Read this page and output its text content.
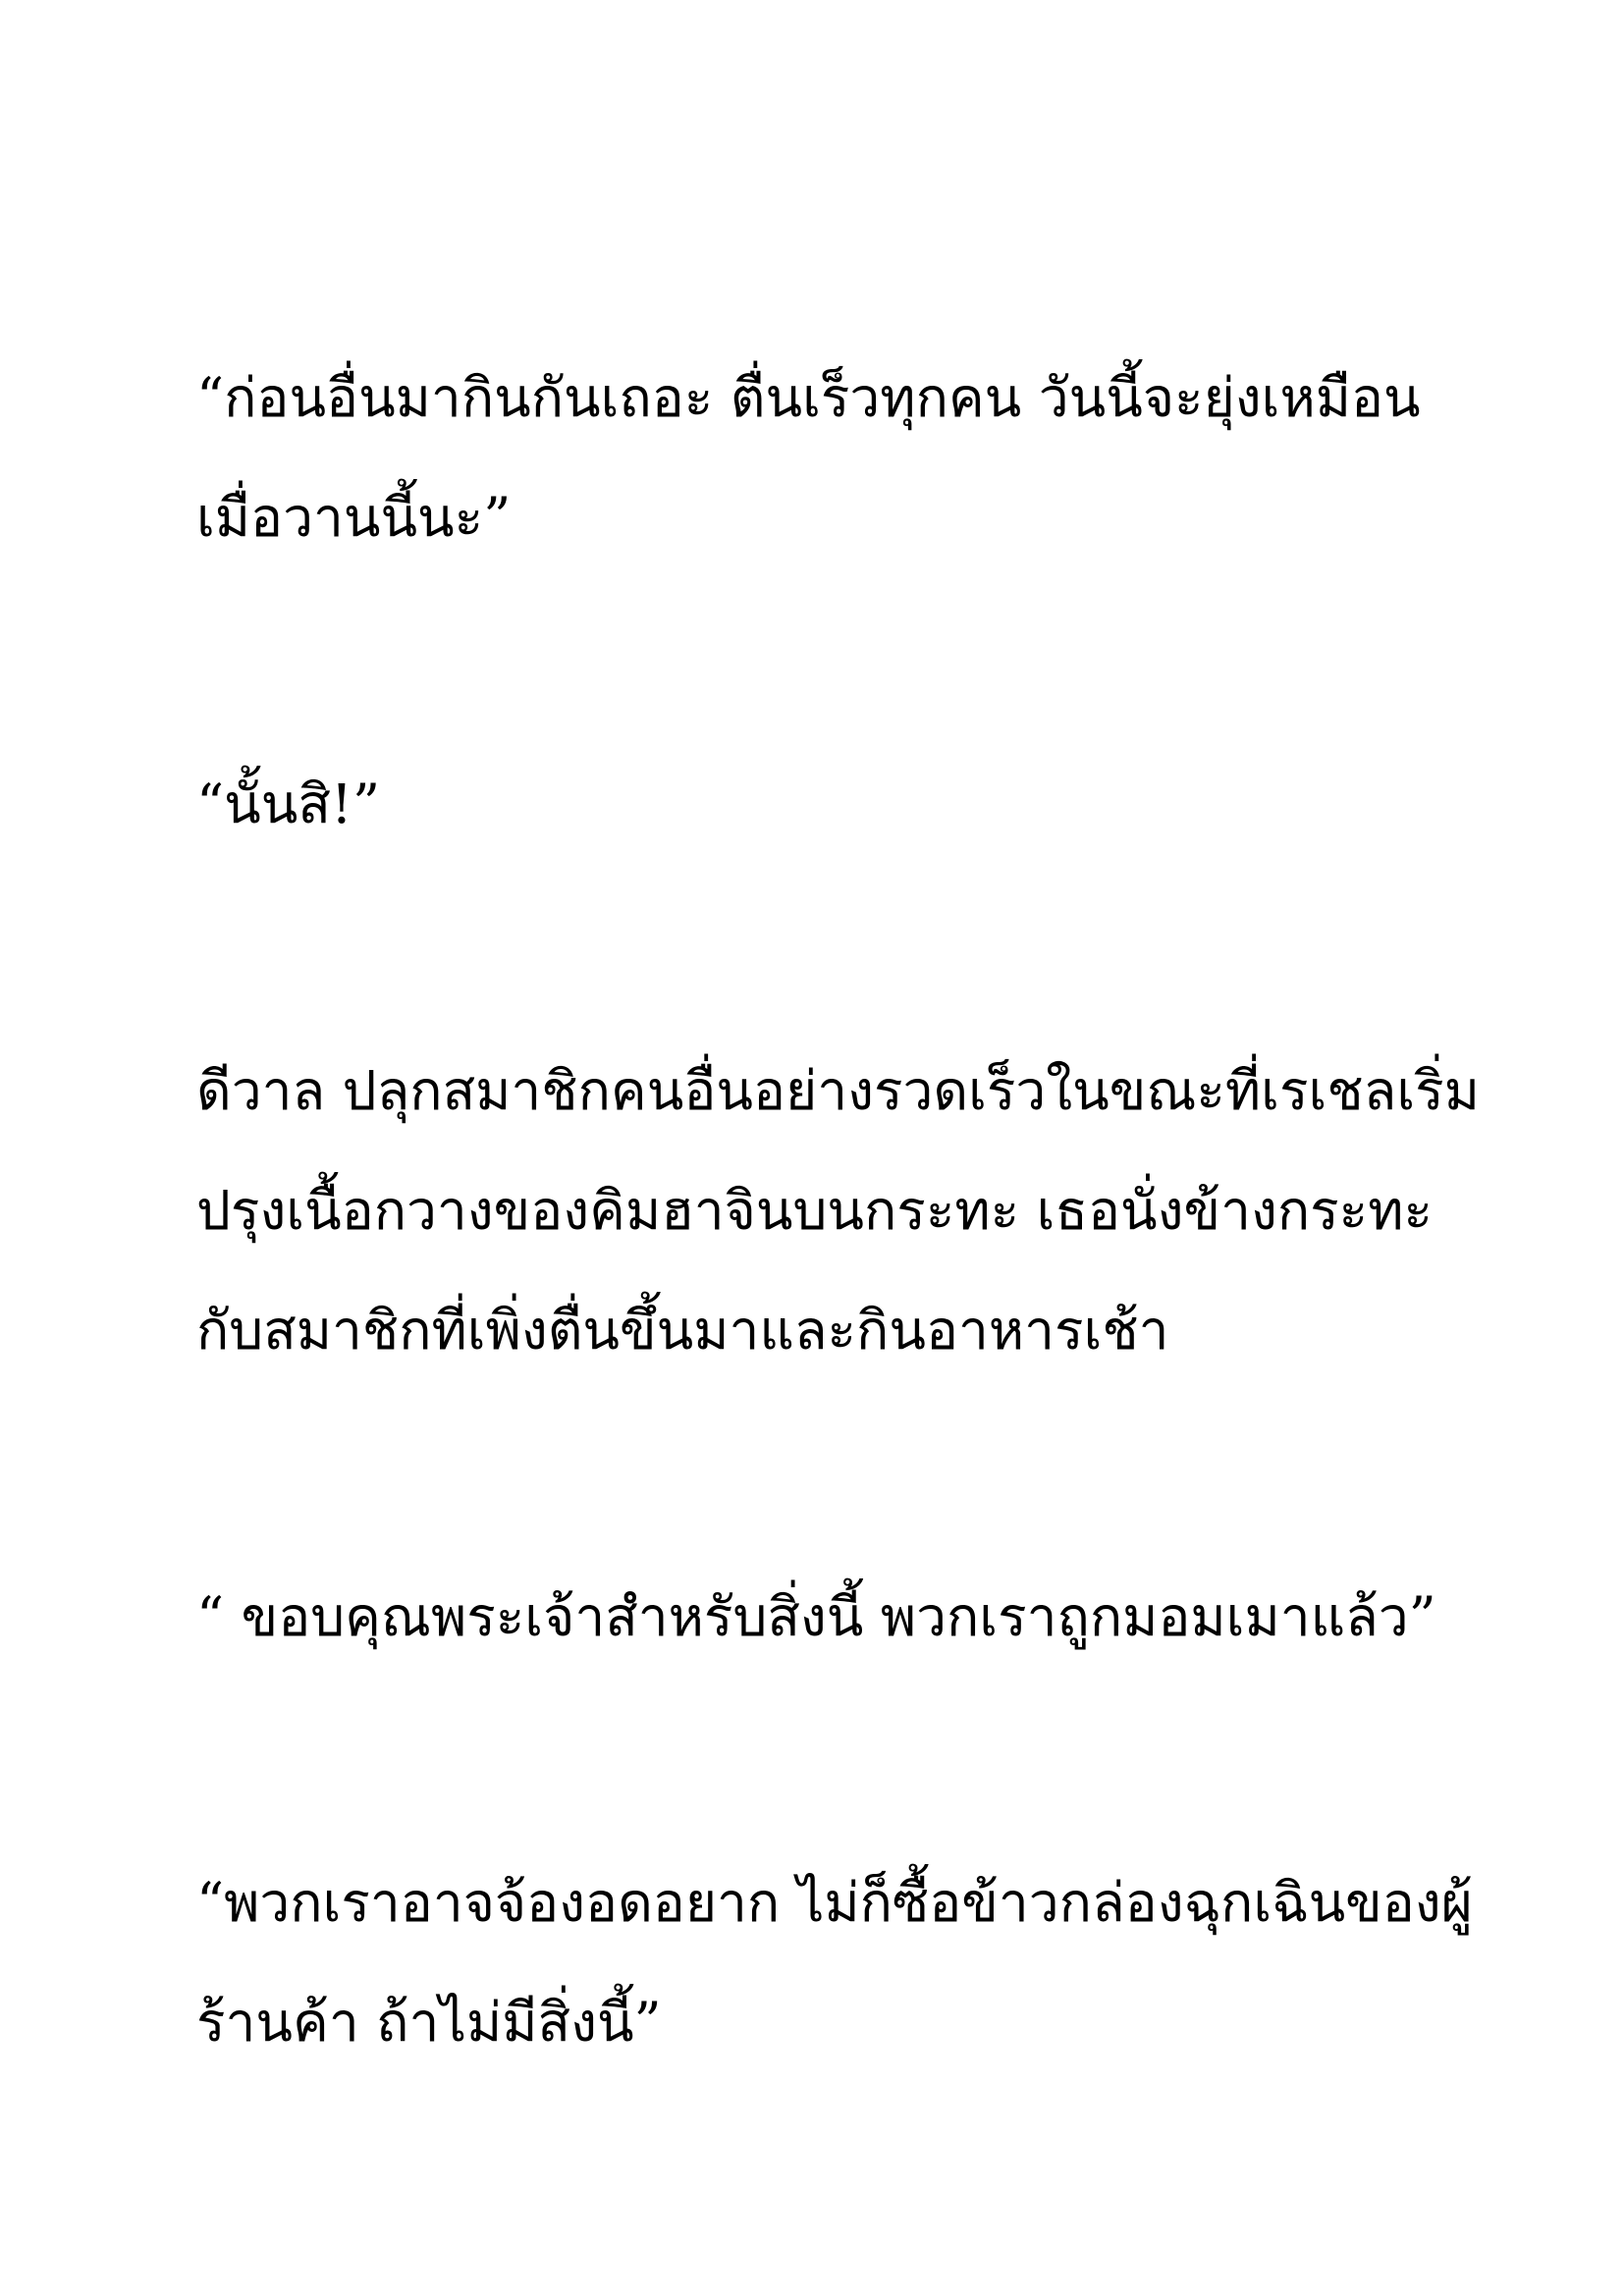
“ก่อนอื่นมากินกันเถอะ ตื่นเร็วทุกคน วันนี้จะยุ่งเหมือน

เมื่อวานนี้นะ”

“นั้นสิ!”

ดีวาล ปลุกสมาชิกคนอื่นอย่างรวดเร็วในขณะที่เรเชลเริ่ม

ปรุงเนื้อกวางของคิมฮาจินบนกระทะ เธอนั่งข้างกระทะ

กับสมาชิกที่เพิ่งตื่นขึ้นมาและกินอาหารเช้า

“ ขอบคุณพระเจ้าสำหรับสิ่งนี้ พวกเราถูกมอมเมาแล้ว”

“พวกเราอาจจ้องอดอยาก ไม่ก็ซื้อข้าวกล่องฉุกเฉินของผู้

ร้านค้า ถ้าไม่มีสิ่งนี้”
